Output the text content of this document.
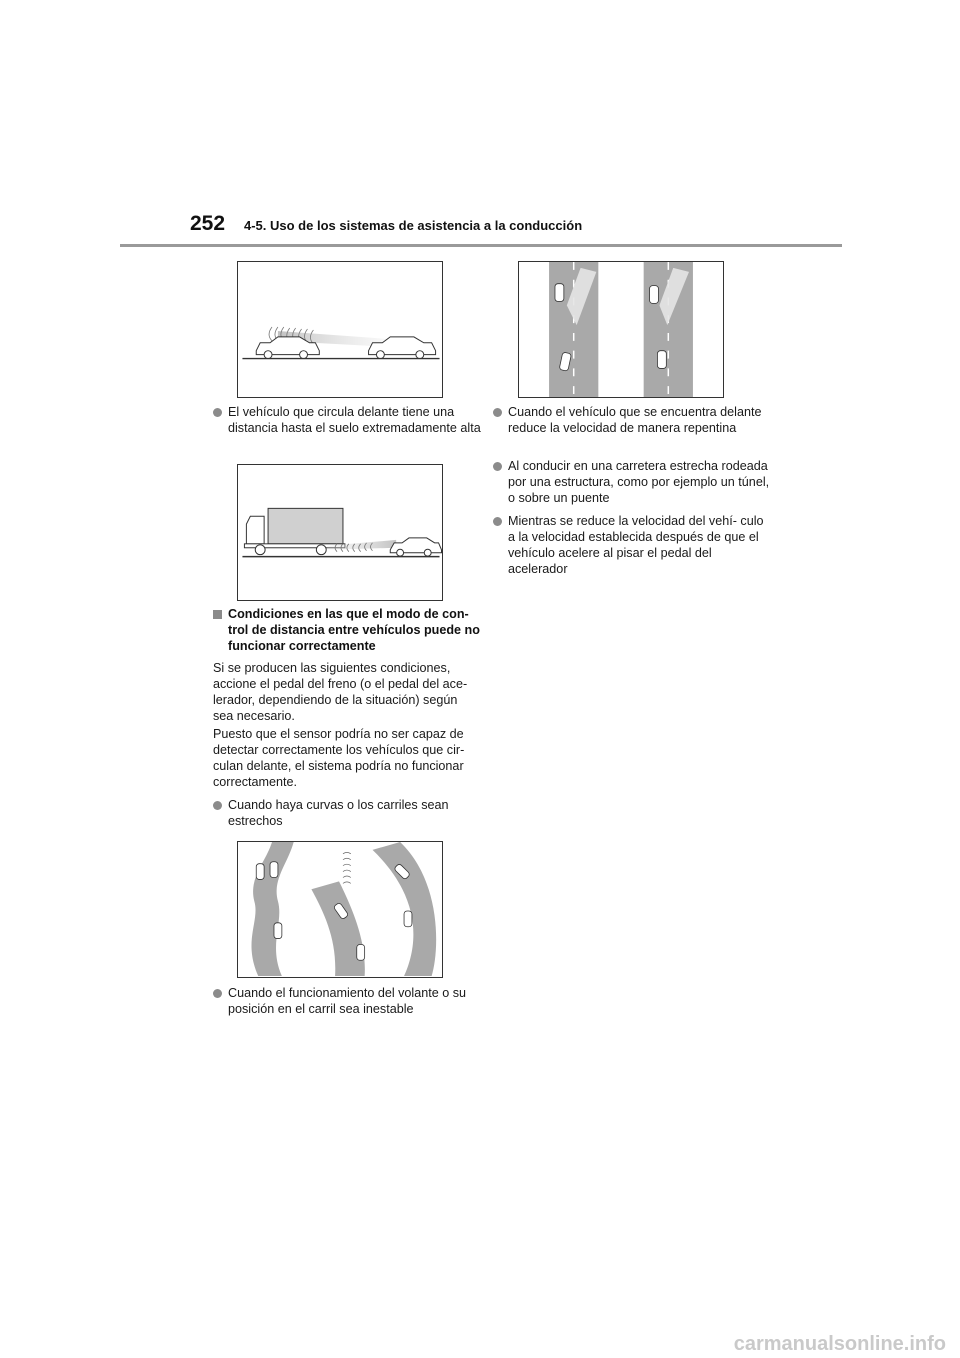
252 4-5. Uso de los sistemas de asistencia a la conducción
El vehículo que circula delante tiene una distancia hasta el suelo extremadamente alta
Condiciones en las que el modo de con- trol de distancia entre vehículos puede no funcionar correctamente

Si se producen las siguientes condiciones, accione el pedal del freno (o el pedal del ace- lerador, dependiendo de la situación) según sea necesario.

Puesto que el sensor podría no ser capaz de detectar correctamente los vehículos que cir- culan delante, el sistema podría no funcionar correctamente.

Cuando haya curvas o los carriles sean estrechos
Cuando el funcionamiento del volante o su posición en el carril sea inestable
Cuando el vehículo que se encuentra delante reduce la velocidad de manera repentina
Al conducir en una carretera estrecha rodeada por una estructura, como por ejemplo un túnel, o sobre un puente
Mientras se reduce la velocidad del vehí- culo a la velocidad establecida después de que el vehículo acelere al pisar el pedal del acelerador
carmanualsonline.info
